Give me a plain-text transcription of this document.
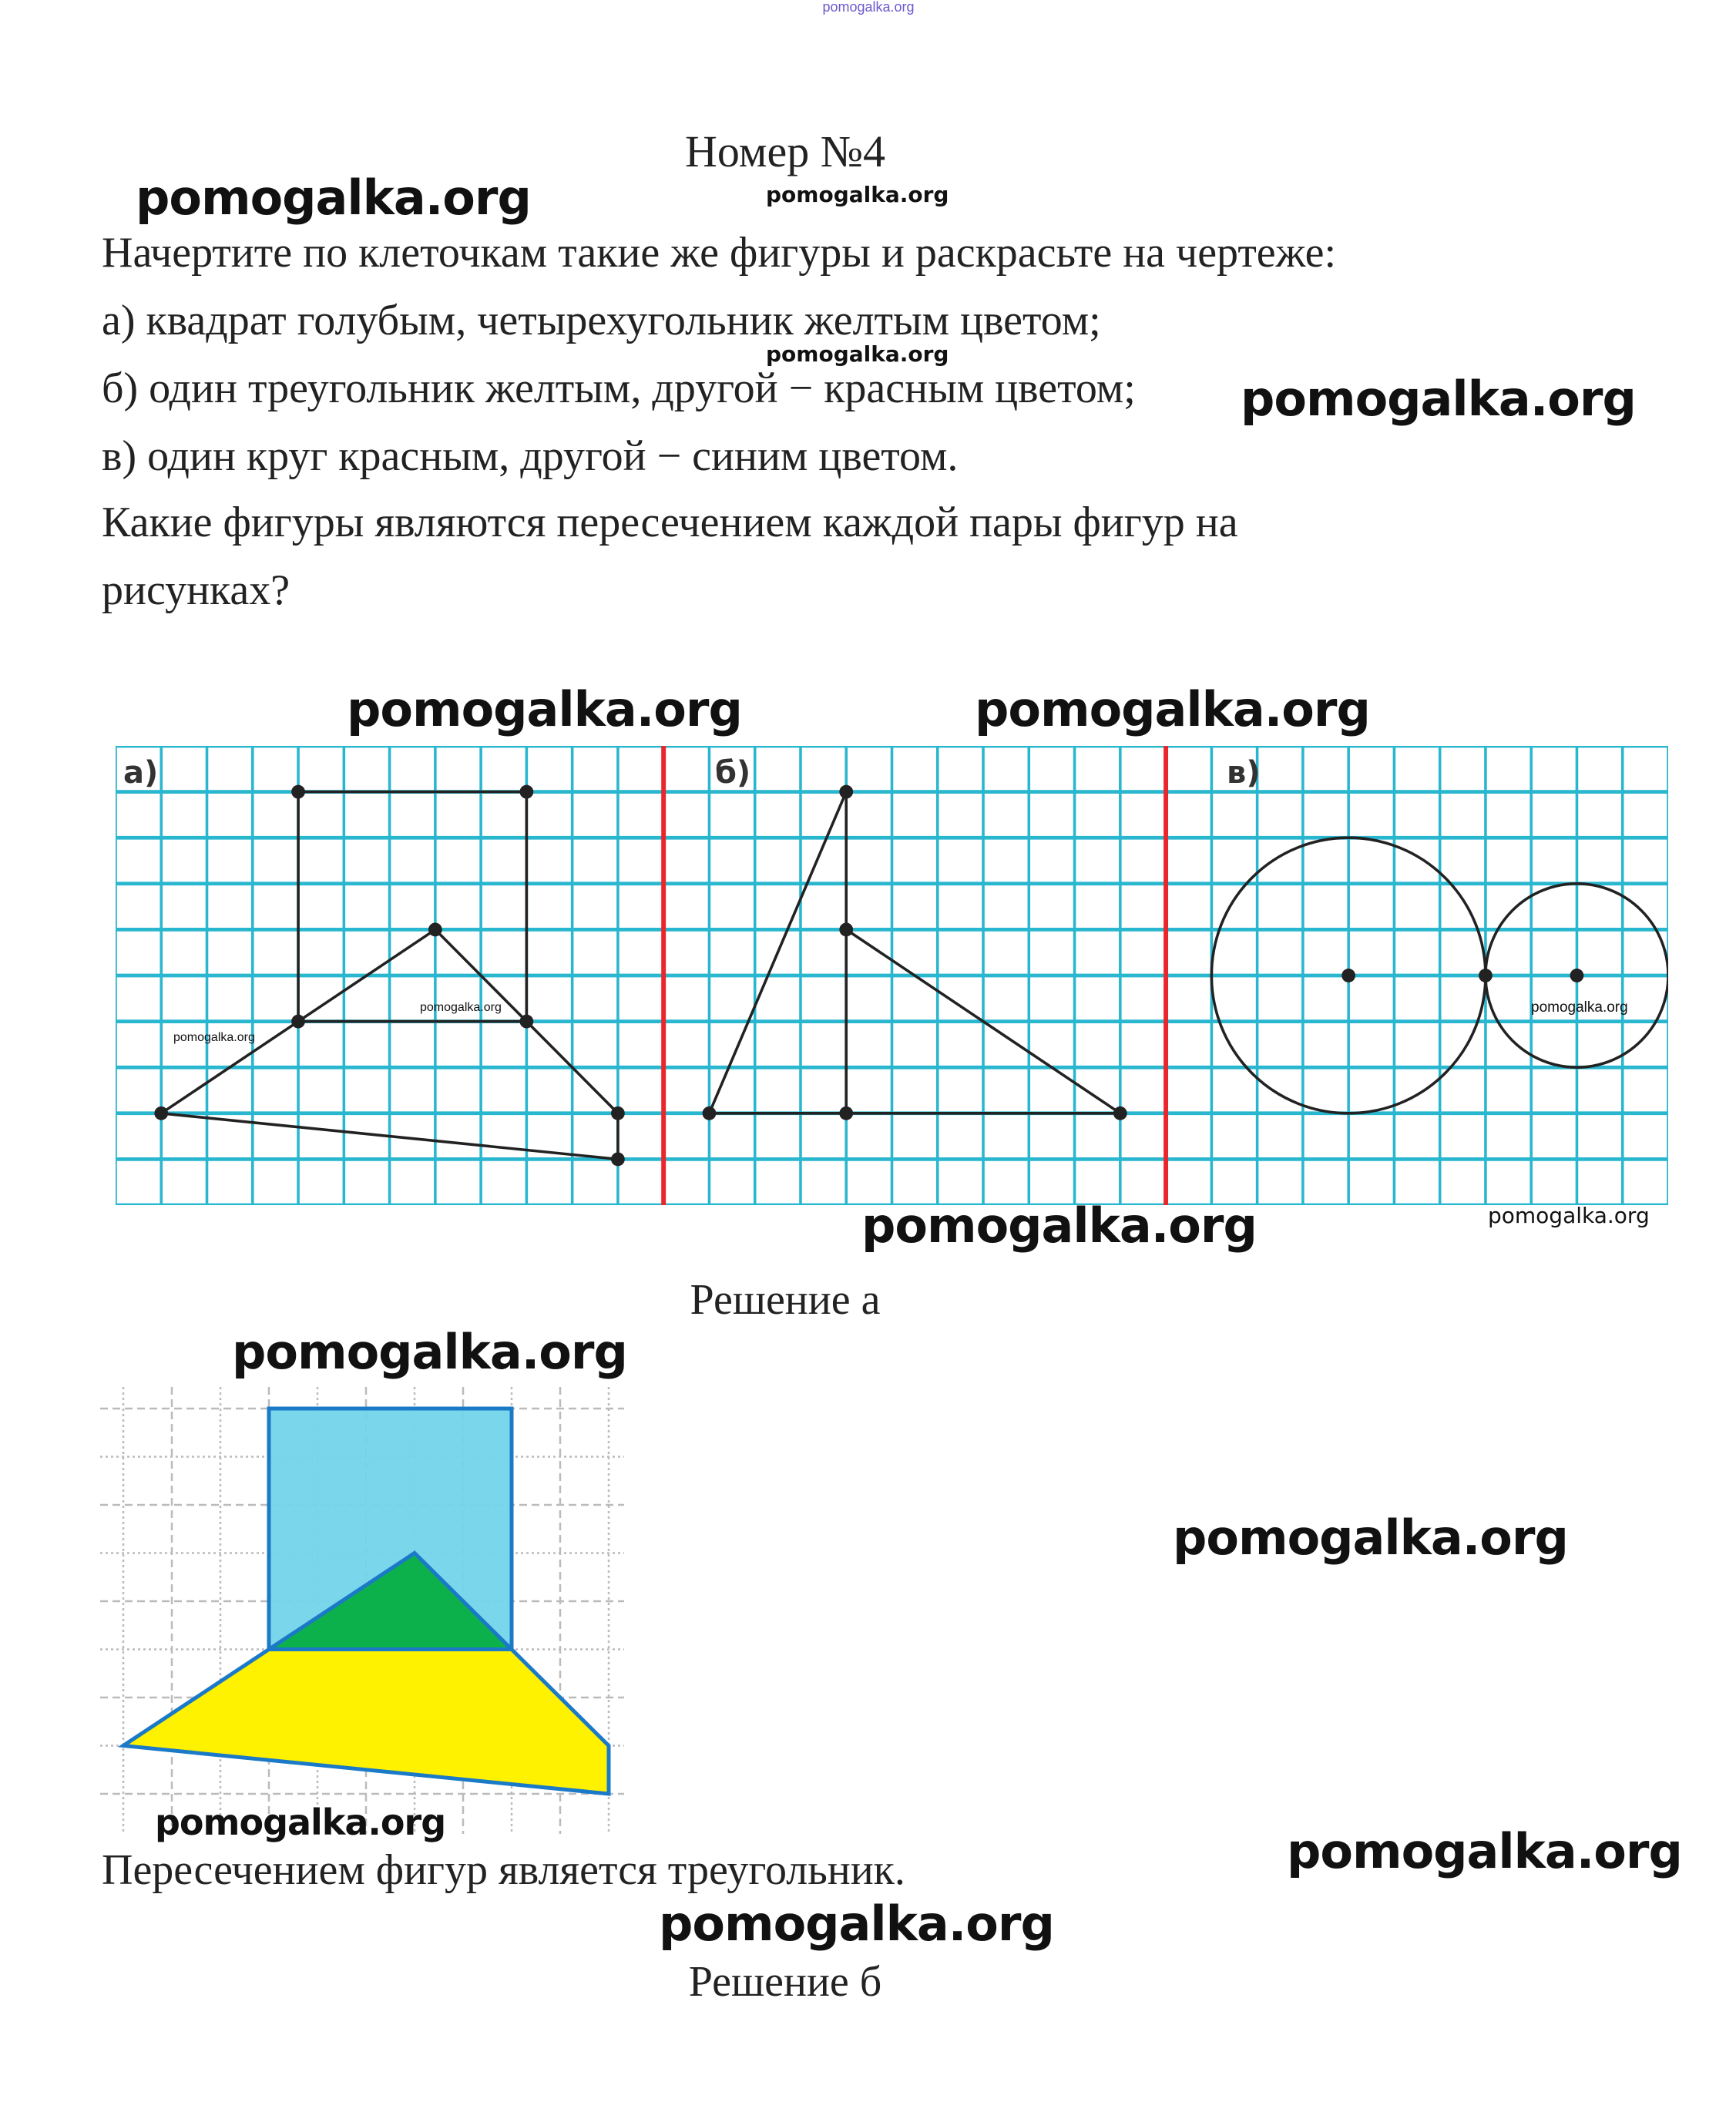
pomogalka.org
Номер №4
Начертите по клеточкам такие же фигуры и раскрасьте на чертеже:
а) квадрат голубым, четырехугольник желтым цветом;
б) один треугольник желтым, другой − красным цветом;
в) один круг красным, другой − синим цветом.
Какие фигуры являются пересечением каждой пары фигур на
рисунках?
а)	б)	в)
Решение а
Пересечением фигур является треугольник.
Решение б
pomogalka.org	pomogalka.org
pomogalka.org
pomogalka.org
pomogalka.org	pomogalka.org
pomogalka.org
pomogalka.org	pomogalka.org
pomogalka.org	pomogalka.org
pomogalka.org
pomogalka.org
pomogalka.org
pomogalka.org
pomogalka.org
